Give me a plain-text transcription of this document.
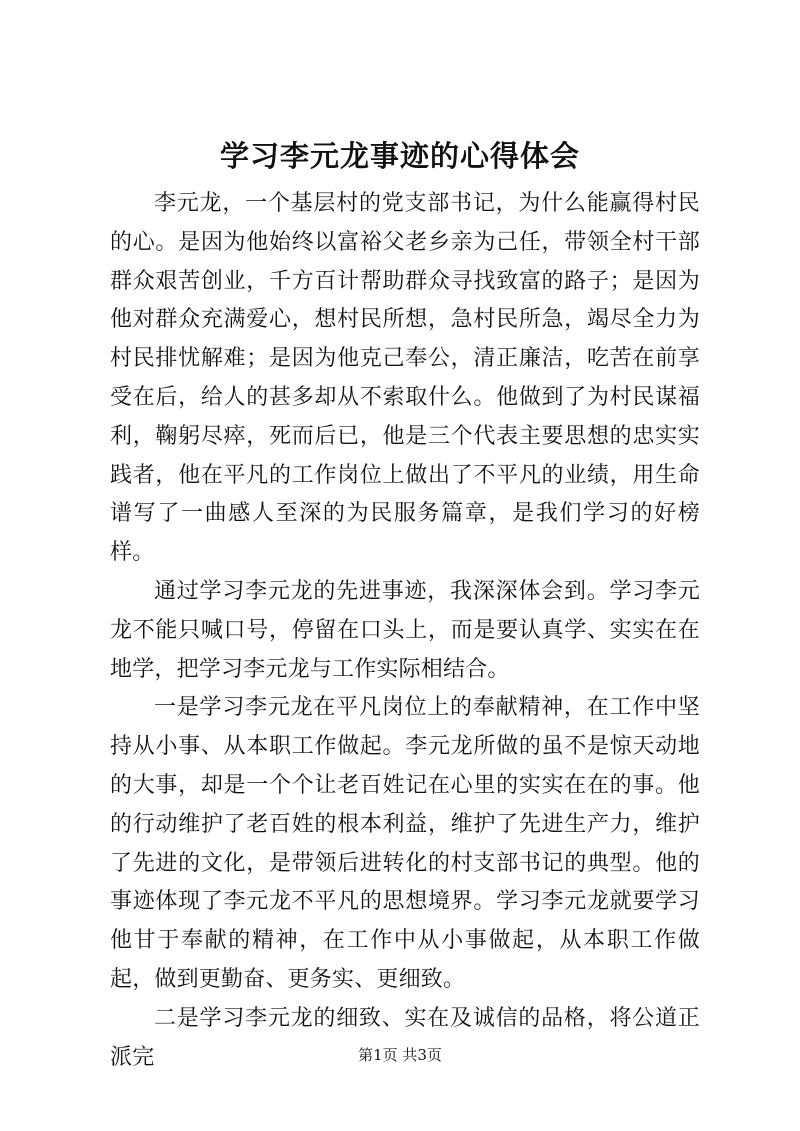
学习李元龙事迹的心得体会

李元龙，一个基层村的党支部书记，为什么能赢得村民的心。是因为他始终以富裕父老乡亲为己任，带领全村干部群众艰苦创业，千方百计帮助群众寻找致富的路子；是因为他对群众充满爱心，想村民所想，急村民所急，竭尽全力为村民排忧解难；是因为他克己奉公，清正廉洁，吃苦在前享受在后，给人的甚多却从不索取什么。他做到了为村民谋福利，鞠躬尽瘁，死而后已，他是三个代表主要思想的忠实实践者，他在平凡的工作岗位上做出了不平凡的业绩，用生命谱写了一曲感人至深的为民服务篇章，是我们学习的好榜样。

通过学习李元龙的先进事迹，我深深体会到。学习李元龙不能只喊口号，停留在口头上，而是要认真学、实实在在地学，把学习李元龙与工作实际相结合。

一是学习李元龙在平凡岗位上的奉献精神，在工作中坚持从小事、从本职工作做起。李元龙所做的虽不是惊天动地的大事，却是一个个让老百姓记在心里的实实在在的事。他的行动维护了老百姓的根本利益，维护了先进生产力，维护了先进的文化，是带领后进转化的村支部书记的典型。他的事迹体现了李元龙不平凡的思想境界。学习李元龙就要学习他甘于奉献的精神，在工作中从小事做起，从本职工作做起，做到更勤奋、更务实、更细致。

二是学习李元龙的细致、实在及诚信的品格，将公道正派完	第1页 共3页
